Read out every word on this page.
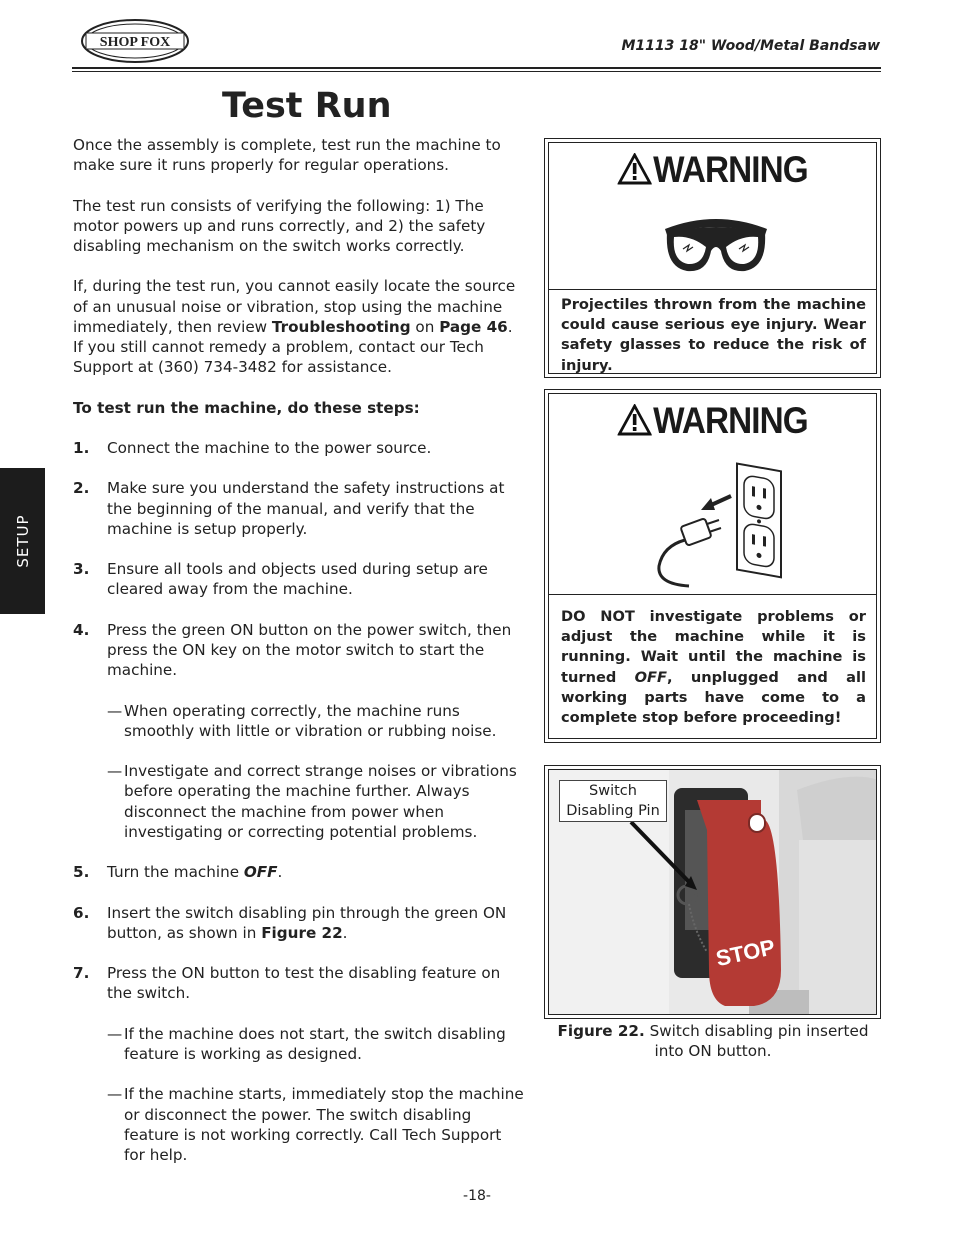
SHOP FOX	M1113 18" Wood/Metal Bandsaw
Test Run
SETUP

Once the assembly is complete, test run the machine to make sure it runs properly for regular operations.

The test run consists of verifying the following: 1) The motor powers up and runs correctly, and 2) the safety disabling mechanism on the switch works correctly.

If, during the test run, you cannot easily locate the source of an unusual noise or vibration, stop using the machine immediately, then review Troubleshooting on Page 46. If you still cannot remedy a problem, contact our Tech Support at (360) 734-3482 for assistance.

To test run the machine, do these steps:

1. Connect the machine to the power source.
2. Make sure you understand the safety instructions at the beginning of the manual, and verify that the machine is setup properly.
3. Ensure all tools and objects used during setup are cleared away from the machine.
4. Press the green ON button on the power switch, then press the ON key on the motor switch to start the machine.
— When operating correctly, the machine runs smoothly with little or vibration or rubbing noise.
— Investigate and correct strange noises or vibrations before operating the machine further. Always disconnect the machine from power when investigating or correcting potential problems.
5. Turn the machine OFF.
6. Insert the switch disabling pin through the green ON button, as shown in Figure 22.
7. Press the ON button to test the disabling feature on the switch.
— If the machine does not start, the switch disabling feature is working as designed.
— If the machine starts, immediately stop the machine or disconnect the power. The switch disabling feature is not working correctly. Call Tech Support for help.
WARNING
Projectiles thrown from the machine could cause serious eye injury. Wear safety glasses to reduce the risk of injury.
WARNING
DO NOT investigate problems or adjust the machine while it is running. Wait until the machine is turned OFF, unplugged and all working parts have come to a complete stop before proceeding!
STOP
Switch Disabling Pin
Figure 22. Switch disabling pin inserted into ON button.
-18-
